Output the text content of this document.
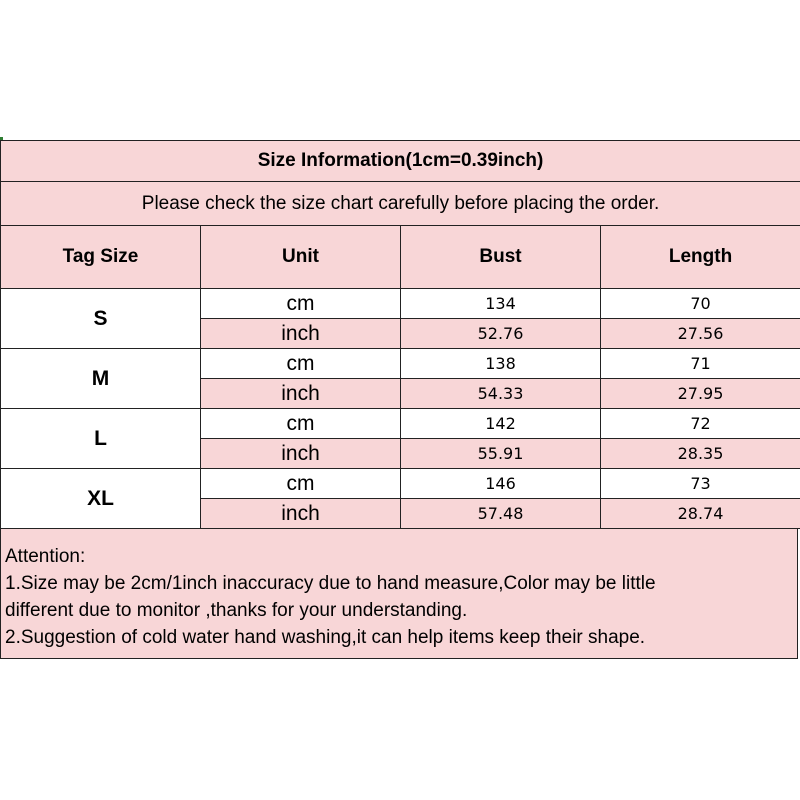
Size Information(1cm=0.39inch)			
Please check the size chart carefully before placing the order.			
Tag Size	Unit	Bust	Length
S	cm	134	70
	inch	52.76	27.56
M	cm	138	71
	inch	54.33	27.95
L	cm	142	72
	inch	55.91	28.35
XL	cm	146	73
	inch	57.48	28.74

Attention:

1.Size may be 2cm/1inch inaccuracy due to hand measure,Color may be little

different due to monitor ,thanks for your understanding.

2.Suggestion of cold water hand washing,it can help items keep their shape.
